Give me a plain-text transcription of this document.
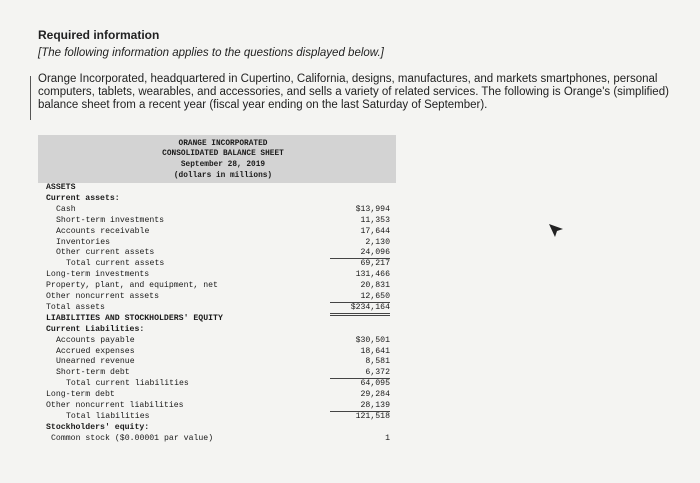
Required information

[The following information applies to the questions displayed below.]

Orange Incorporated, headquartered in Cupertino, California, designs, manufactures, and markets smartphones, personal computers, tablets, wearables, and accessories, and sells a variety of related services. The following is Orange's (simplified) balance sheet from a recent year (fiscal year ending on the last Saturday of September).

ORANGE INCORPORATED
CONSOLIDATED BALANCE SHEET
September 28, 2019
(dollars in millions)
ASSETS
Current assets:
Cash	$13,994
Short-term investments	11,353
Accounts receivable	17,644
Inventories	2,130
Other current assets	24,096
Total current assets	69,217
Long-term investments	131,466
Property, plant, and equipment, net	20,831
Other noncurrent assets	12,650
Total assets	$234,164
LIABILITIES AND STOCKHOLDERS' EQUITY
Current Liabilities:
Accounts payable	$30,501
Accrued expenses	18,641
Unearned revenue	8,581
Short-term debt	6,372
Total current liabilities	64,095
Long-term debt	29,284
Other noncurrent liabilities	28,139
Total liabilities	121,518
Stockholders' equity:
Common stock ($0.00001 par value)	1
